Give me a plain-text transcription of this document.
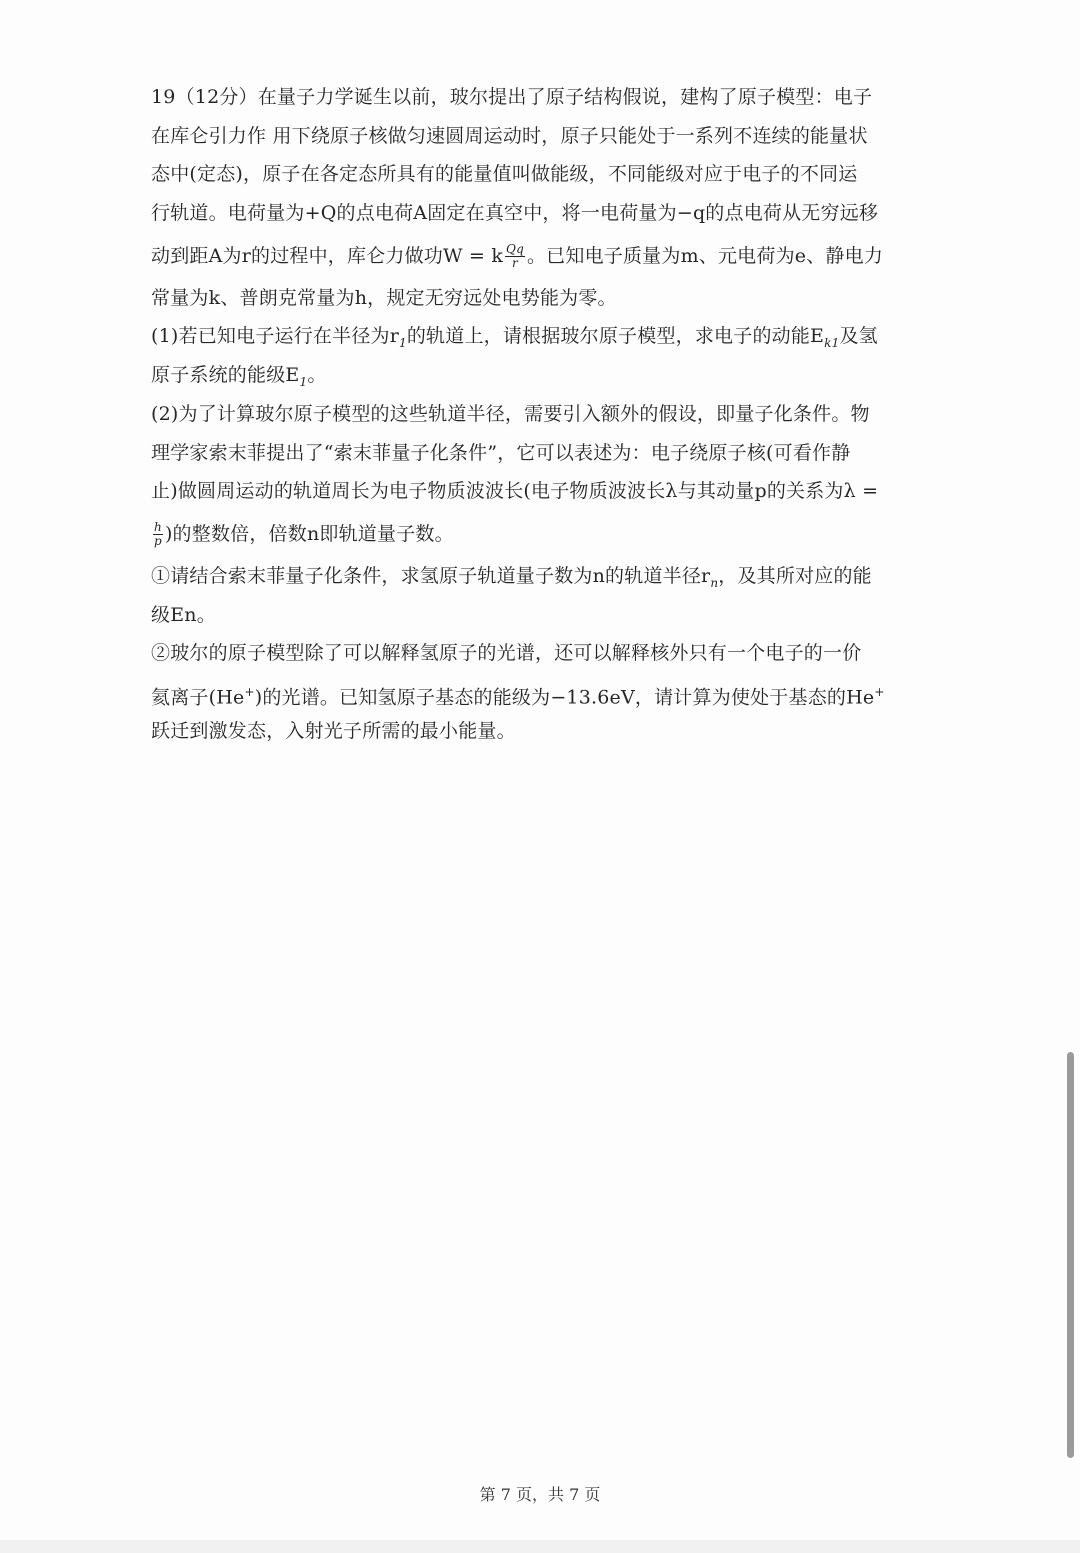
19（12分）在量子力学诞生以前，玻尔提出了原子结构假说，建构了原子模型：电子
在库仑引力作 用下绕原子核做匀速圆周运动时，原子只能处于一系列不连续的能量状
态中(定态)，原子在各定态所具有的能量值叫做能级，不同能级对应于电子的不同运
行轨道。电荷量为+Q的点电荷A固定在真空中，将一电荷量为−q的点电荷从无穷远移
动到距A为r的过程中，库仑力做功W = k $\frac{Qq}{r}$ 。已知电子质量为m、元电荷为e、静电力
常量为k、普朗克常量为h，规定无穷远处电势能为零。
(1)若已知电子运行在半径为$r_1$的轨道上，请根据玻尔原子模型，求电子的动能$E_{k1}$及氢
原子系统的能级$E_1$。
(2)为了计算玻尔原子模型的这些轨道半径，需要引入额外的假设，即量子化条件。物
理学家索末菲提出了“索末菲量子化条件”，它可以表述为：电子绕原子核(可看作静
止)做圆周运动的轨道周长为电子物质波波长(电子物质波波长λ与其动量p的关系为λ =
$\frac{h}{p}$ )的整数倍，倍数n即轨道量子数。
①请结合索末菲量子化条件，求氢原子轨道量子数为n的轨道半径$r_n$，及其所对应的能
级En。
②玻尔的原子模型除了可以解释氢原子的光谱，还可以解释核外只有一个电子的一价
氦离子(He+)的光谱。已知氢原子基态的能级为−13.6eV，请计算为使处于基态的He+
跃迁到激发态，入射光子所需的最小能量。
第 7 页，共 7 页
